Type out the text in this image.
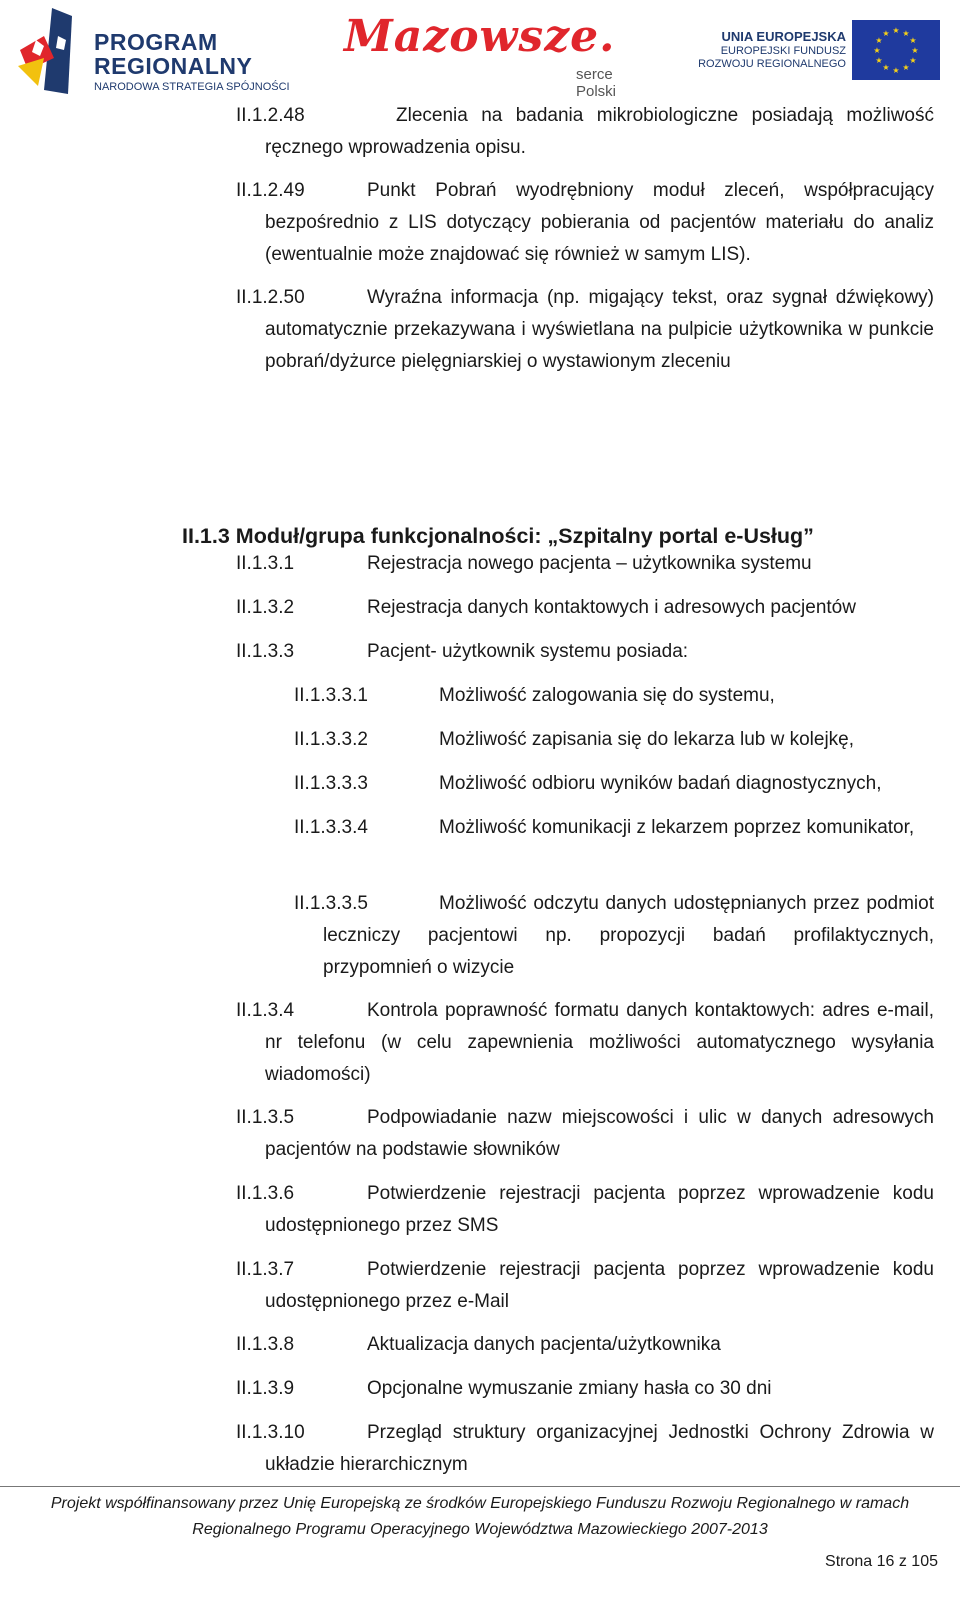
PROGRAM
REGIONALNY
NARODOWA STRATEGIA SPÓJNOŚCI
Mazowsze.
serce Polski
UNIA EUROPEJSKA
EUROPEJSKI FUNDUSZ
ROZWOJU REGIONALNEGO
★ ★
★
★
★
★
★
★
★
★
★
★
Zlecenia na badania mikrobiologiczne posiadają możliwość ręcznego wprowadzenia opisu.
II.1.2.48
Punkt Pobrań wyodrębniony moduł zleceń, współpracujący bezpośrednio z LIS dotyczący pobierania od pacjentów materiału do analiz (ewentualnie może znajdować się również w samym LIS).
II.1.2.49
Wyraźna informacja (np. migający tekst, oraz sygnał dźwiękowy) automatycznie przekazywana i wyświetlana na pulpicie użytkownika w punkcie pobrań/dyżurce pielęgniarskiej o wystawionym zleceniu
II.1.2.50
II.1.3 Moduł/grupa funkcjonalności: „Szpitalny portal e-Usług”
Rejestracja nowego pacjenta – użytkownika systemu
II.1.3.1
Rejestracja danych kontaktowych i adresowych pacjentów
II.1.3.2
Pacjent- użytkownik systemu posiada:
II.1.3.3
Możliwość zalogowania się do systemu,
II.1.3.3.1
Możliwość zapisania się do lekarza lub w kolejkę,
II.1.3.3.2
Możliwość odbioru wyników badań diagnostycznych,
II.1.3.3.3
Możliwość komunikacji z lekarzem poprzez komunikator,
II.1.3.3.4
Możliwość odczytu danych udostępnianych przez podmiot leczniczy pacjentowi np. propozycji badań profilaktycznych, przypomnień o wizycie
II.1.3.3.5
Kontrola poprawność formatu danych kontaktowych: adres e-mail, nr telefonu (w celu zapewnienia możliwości automatycznego wysyłania wiadomości)
II.1.3.4
Podpowiadanie nazw miejscowości i ulic w danych adresowych pacjentów na podstawie słowników
II.1.3.5
Potwierdzenie rejestracji pacjenta poprzez wprowadzenie kodu udostępnionego przez SMS
II.1.3.6
Potwierdzenie rejestracji pacjenta poprzez wprowadzenie kodu udostępnionego przez e-Mail
II.1.3.7
Aktualizacja danych pacjenta/użytkownika
II.1.3.8
Opcjonalne wymuszanie zmiany hasła co 30 dni
II.1.3.9
Przegląd struktury organizacyjnej Jednostki Ochrony Zdrowia w układzie hierarchicznym
II.1.3.10
Projekt współfinansowany przez Unię Europejską ze środków Europejskiego Funduszu Rozwoju Regionalnego w ramach
Regionalnego Programu Operacyjnego Województwa Mazowieckiego 2007-2013
Strona 16 z 105
